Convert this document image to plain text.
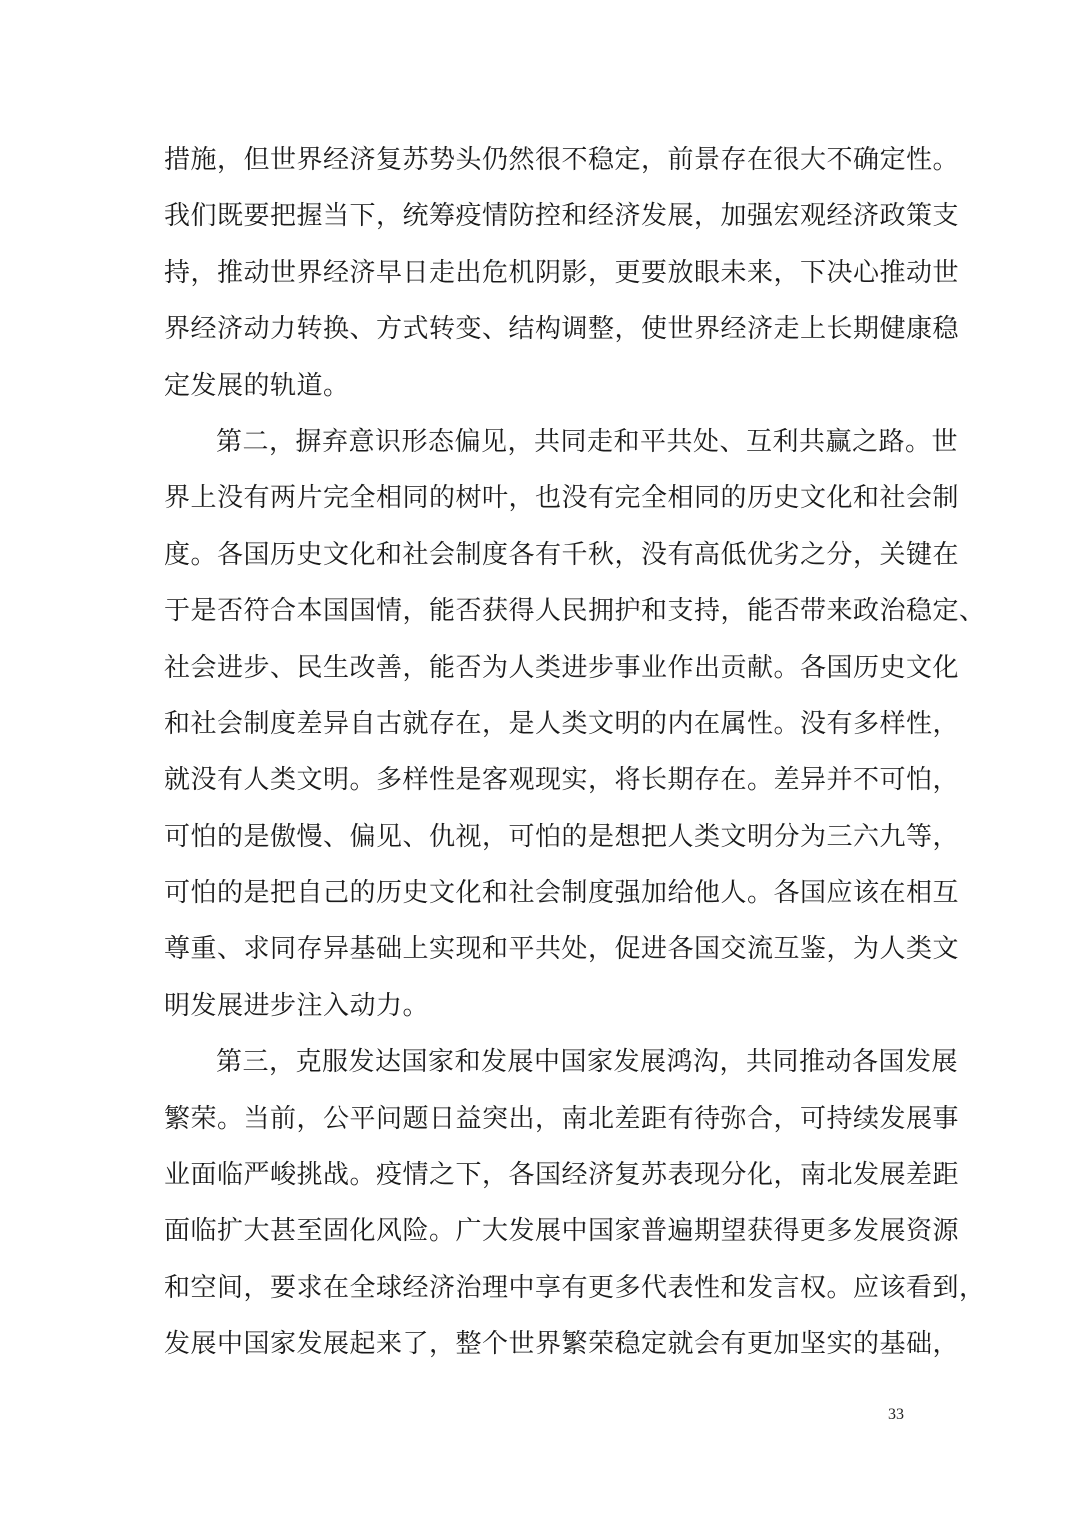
措施，但世界经济复苏势头仍然很不稳定，前景存在很大不确定性。
我们既要把握当下，统筹疫情防控和经济发展，加强宏观经济政策支
持，推动世界经济早日走出危机阴影，更要放眼未来，下决心推动世
界经济动力转换、方式转变、结构调整，使世界经济走上长期健康稳
定发展的轨道。
第二，摒弃意识形态偏见，共同走和平共处、互利共赢之路。世
界上没有两片完全相同的树叶，也没有完全相同的历史文化和社会制
度。各国历史文化和社会制度各有千秋，没有高低优劣之分，关键在
于是否符合本国国情，能否获得人民拥护和支持，能否带来政治稳定、
社会进步、民生改善，能否为人类进步事业作出贡献。各国历史文化
和社会制度差异自古就存在，是人类文明的内在属性。没有多样性，
就没有人类文明。多样性是客观现实，将长期存在。差异并不可怕，
可怕的是傲慢、偏见、仇视，可怕的是想把人类文明分为三六九等，
可怕的是把自己的历史文化和社会制度强加给他人。各国应该在相互
尊重、求同存异基础上实现和平共处，促进各国交流互鉴，为人类文
明发展进步注入动力。
第三，克服发达国家和发展中国家发展鸿沟，共同推动各国发展
繁荣。当前，公平问题日益突出，南北差距有待弥合，可持续发展事
业面临严峻挑战。疫情之下，各国经济复苏表现分化，南北发展差距
面临扩大甚至固化风险。广大发展中国家普遍期望获得更多发展资源
和空间，要求在全球经济治理中享有更多代表性和发言权。应该看到，
发展中国家发展起来了，整个世界繁荣稳定就会有更加坚实的基础，
33
